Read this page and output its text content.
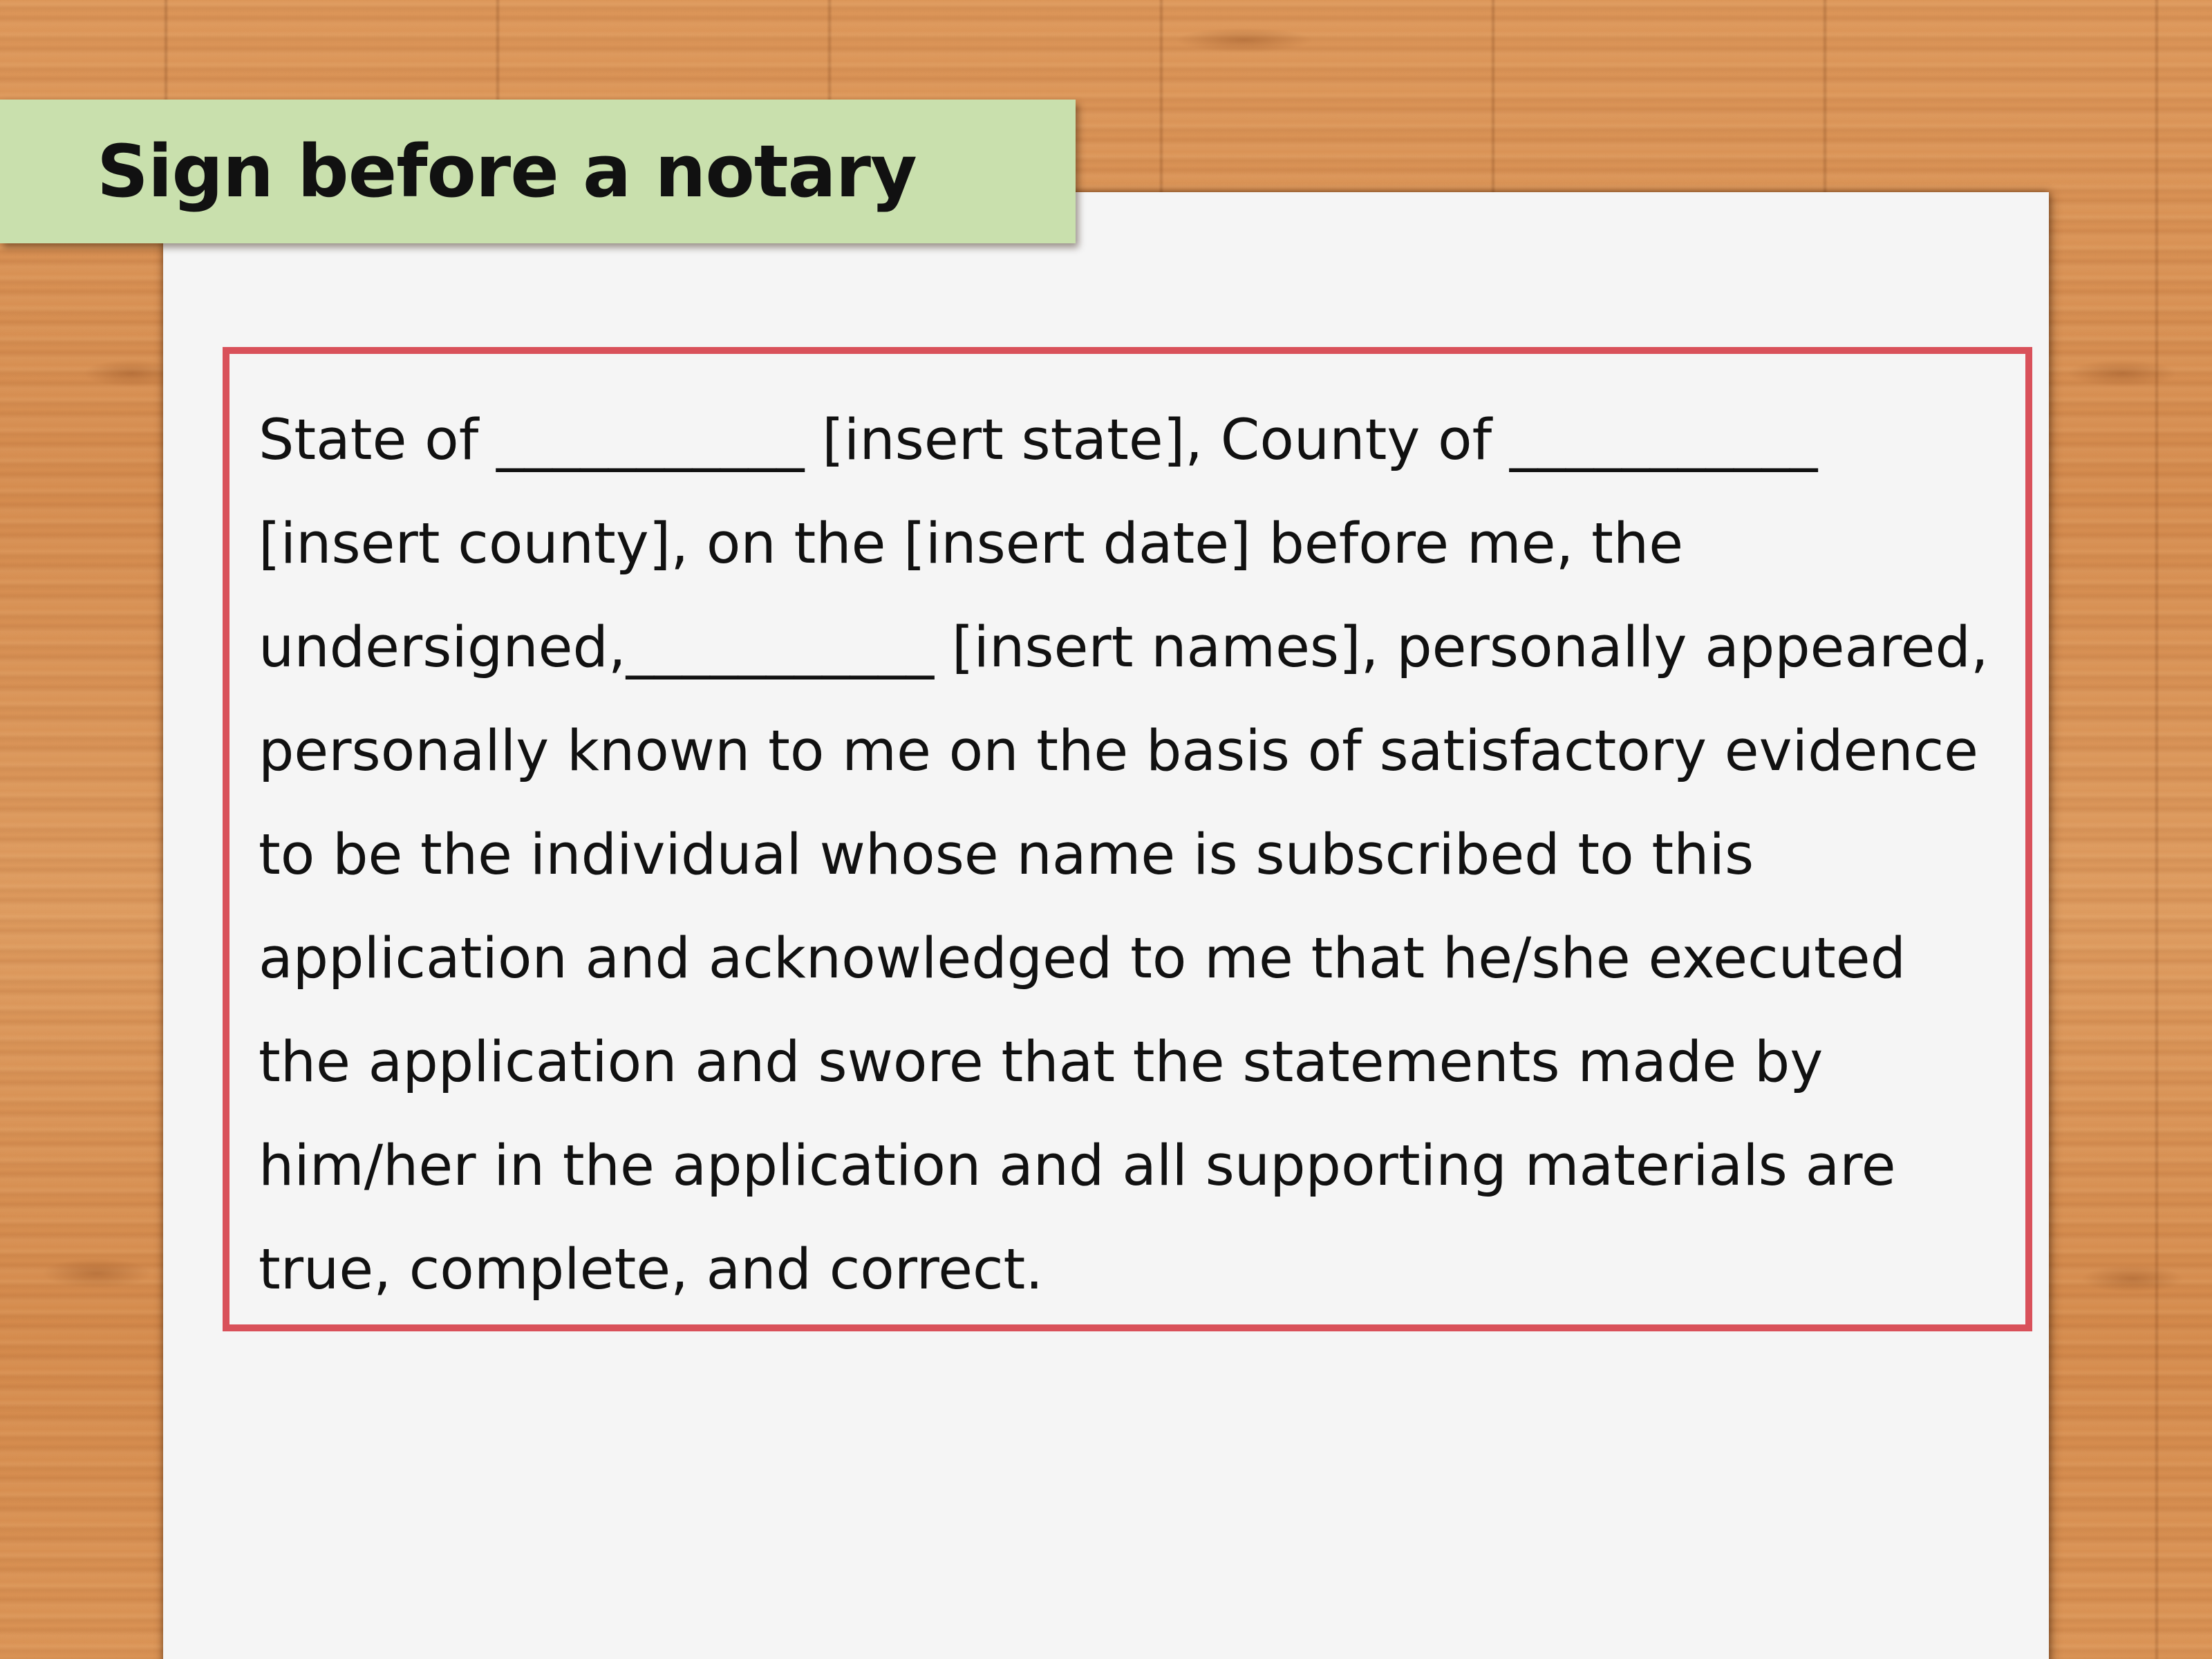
Sign before a notary
State of ___________ [insert state], County of ___________
[insert county], on the [insert date] before me, the
undersigned,___________ [insert names], personally appeared,
personally known to me on the basis of satisfactory evidence
to be the individual whose name is subscribed to this
application and acknowledged to me that he/she executed
the application and swore that the statements made by
him/her in the application and all supporting materials are
true, complete, and correct.
